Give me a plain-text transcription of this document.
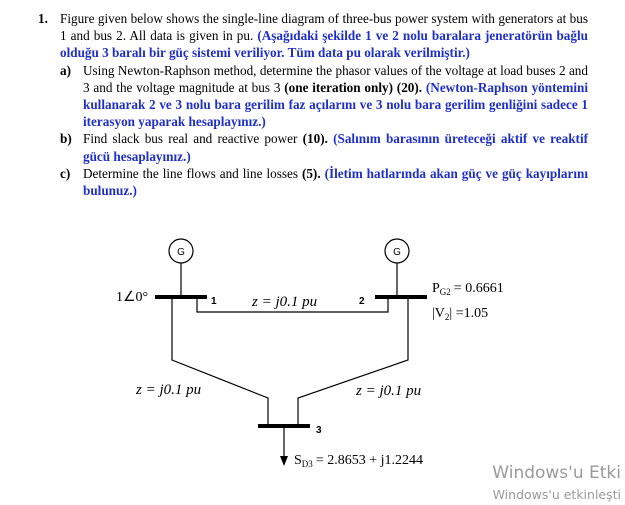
1. Figure given below shows the single-line diagram of three-bus power system with generators at bus 1 and bus 2. All data is given in pu. (Aşağıdaki şekilde 1 ve 2 nolu baralara jeneratörün bağlu olduğu 3 baralı bir güç sistemi veriliyor. Tüm data pu olarak verilmiştir.)
a) Using Newton-Raphson method, determine the phasor values of the voltage at load buses 2 and 3 and the voltage magnitude at bus 3 (one iteration only) (20). (Newton-Raphson yöntemini kullanarak 2 ve 3 nolu bara gerilim faz açılarını ve 3 nolu bara gerilim genliğini sadece 1 iterasyon yaparak hesaplayınız.)
b) Find slack bus real and reactive power (10). (Salınım barasının üreteceği aktif ve reaktif gücü hesaplayınız.)
c) Determine the line flows and line losses (5). (İletim hatlarında akan güç ve güç kayıplarını bulunuz.)
G	G
1	2
3
1∠0°	z = j0.1 pu
z = j0.1 pu	z = j0.1 pu
$P_{G2} = 0.6661$
$|V_2| =1.05$
$S_{D3} = 2.8653 + j1.2244$
Windows'u Etki
Windows'u etkinleşti
